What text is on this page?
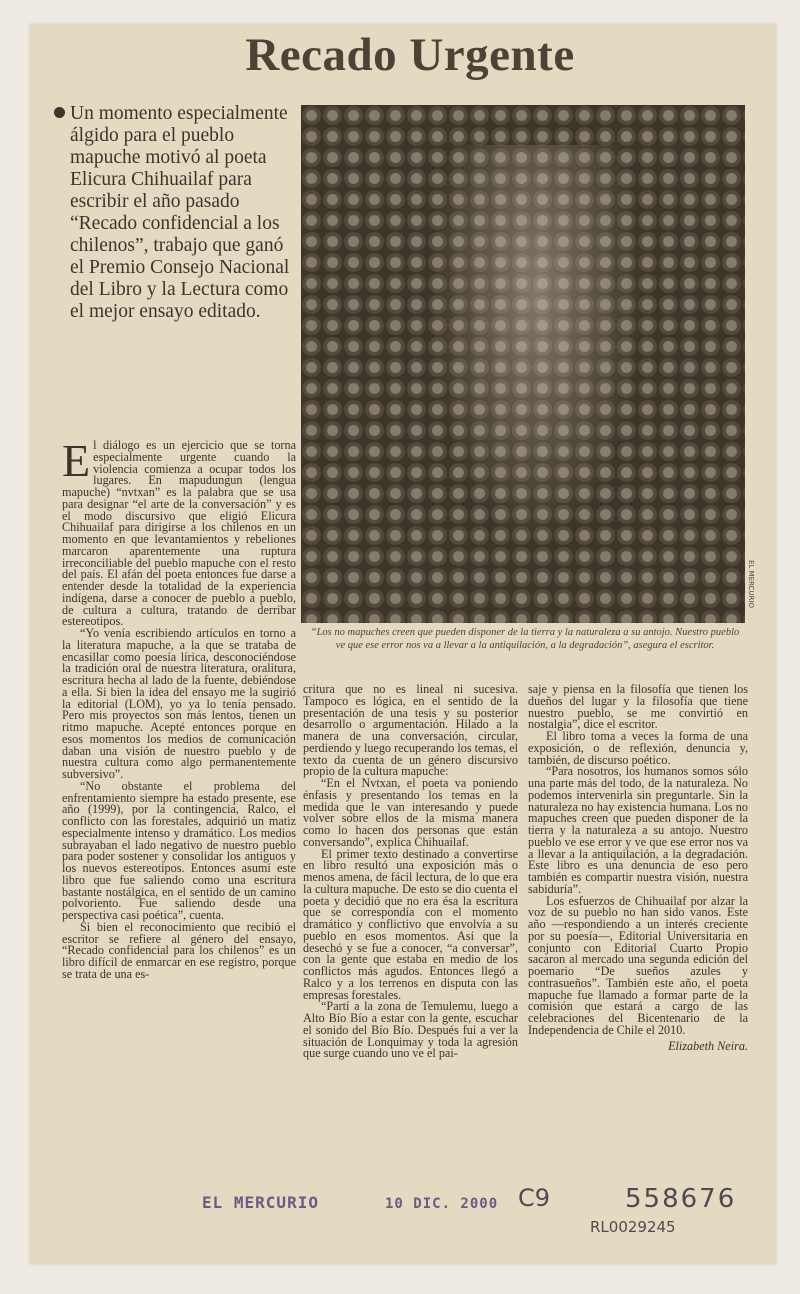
Recado Urgente
Un momento especialmente álgido para el pueblo mapuche motivó al poeta Elicura Chihuailaf para escribir el año pasado “Recado confidencial a los chilenos”, trabajo que ganó el Premio Consejo Nacional del Libro y la Lectura como el mejor ensayo editado.
EL MERCURIO
“Los no mapuches creen que pueden disponer de la tierra y la naturaleza a su antojo. Nuestro pueblo ve que ese error nos va a llevar a la antiquilación, a la degradación”, asegura el escritor.

El diálogo es un ejercicio que se torna especialmente urgente cuando la violencia comienza a ocupar todos los lugares. En mapudungun (lengua mapuche) “nvtxan” es la palabra que se usa para designar “el arte de la conversación” y es el modo discursivo que eligió Elicura Chihuailaf para dirigirse a los chilenos en un momento en que levantamientos y rebeliones marcaron aparentemente una ruptura irreconciliable del pueblo mapuche con el resto del país. El afán del poeta entonces fue darse a entender desde la totalidad de la experiencia indígena, darse a conocer de pueblo a pueblo, de cultura a cultura, tratando de derribar estereotipos.

“Yo venía escribiendo artículos en torno a la literatura mapuche, a la que se trataba de encasillar como poesía lírica, desconociéndose la tradición oral de nuestra literatura, oralitura, escritura hecha al lado de la fuente, debiéndose a ella. Si bien la idea del ensayo me la sugirió la editorial (LOM), yo ya lo tenía pensado. Pero mis proyectos son más lentos, tienen un ritmo mapuche. Acepté entonces porque en esos momentos los medios de comunicación daban una visión de nuestro pueblo y de nuestra cultura como algo permanentemente subversivo”.

“No obstante el problema del enfrentamiento siempre ha estado presente, ese año (1999), por la contingencia, Ralco, el conflicto con las forestales, adquirió un matiz especialmente intenso y dramático. Los medios subrayaban el lado negativo de nuestro pueblo para poder sostener y consolidar los antiguos y los nuevos estereotipos. Entonces asumí este libro que fue saliendo como una escritura bastante nostálgica, en el sentido de un camino polvoriento. Fue saliendo desde una perspectiva casi poética”, cuenta.

Si bien el reconocimiento que recibió el escritor se refiere al género del ensayo, “Recado confidencial para los chilenos” es un libro difícil de enmarcar en ese registro, porque se trata de una es-

critura que no es lineal ni sucesiva. Tampoco es lógica, en el sentido de la presentación de una tesis y su posterior desarrollo o argumentación. Hilado a la manera de una conversación, circular, perdiendo y luego recuperando los temas, el texto da cuenta de un género discursivo propio de la cultura mapuche:

“En el Nvtxan, el poeta va poniendo énfasis y presentando los temas en la medida que le van interesando y puede volver sobre ellos de la misma manera como lo hacen dos personas que están conversando”, explica Chihuailaf.

El primer texto destinado a convertirse en libro resultó una exposición más o menos amena, de fácil lectura, de lo que era la cultura mapuche. De esto se dio cuenta el poeta y decidió que no era ésa la escritura que se correspondía con el momento dramático y conflictivo que envolvía a su pueblo en esos momentos. Así que la desechó y se fue a conocer, “a conversar”, con la gente que estaba en medio de los conflictos más agudos. Entonces llegó a Ralco y a los terrenos en disputa con las empresas forestales.

“Partí a la zona de Temulemu, luego a Alto Bío Bío a estar con la gente, escuchar el sonido del Bío Bío. Después fui a ver la situación de Lonquimay y toda la agresión que surge cuando uno ve el pai-

saje y piensa en la filosofía que tienen los dueños del lugar y la filosofía que tiene nuestro pueblo, se me convirtió en nostalgia”, dice el escritor.

El libro toma a veces la forma de una exposición, o de reflexión, denuncia y, también, de discurso poético.

“Para nosotros, los humanos somos sólo una parte más del todo, de la naturaleza. No podemos intervenirla sin preguntarle. Sin la naturaleza no hay existencia humana. Los no mapuches creen que pueden disponer de la tierra y la naturaleza a su antojo. Nuestro pueblo ve ese error y ve que ese error nos va a llevar a la antiquilación, a la degradación. Este libro es una denuncia de eso pero también es compartir nuestra visión, nuestra sabiduría”.

Los esfuerzos de Chihuailaf por alzar la voz de su pueblo no han sido vanos. Este año —respondiendo a un interés creciente por su poesía—, Editorial Universitaria en conjunto con Editorial Cuarto Propio sacaron al mercado una segunda edición del poemario “De sueños azules y contrasueños”. También este año, el poeta mapuche fue llamado a formar parte de la comisión que estará a cargo de las celebraciones del Bicentenario de la Independencia de Chile el 2010.

Elizabeth Neira.

EL MERCURIO	10 DIC. 2000 C9	558676
RL0029245
